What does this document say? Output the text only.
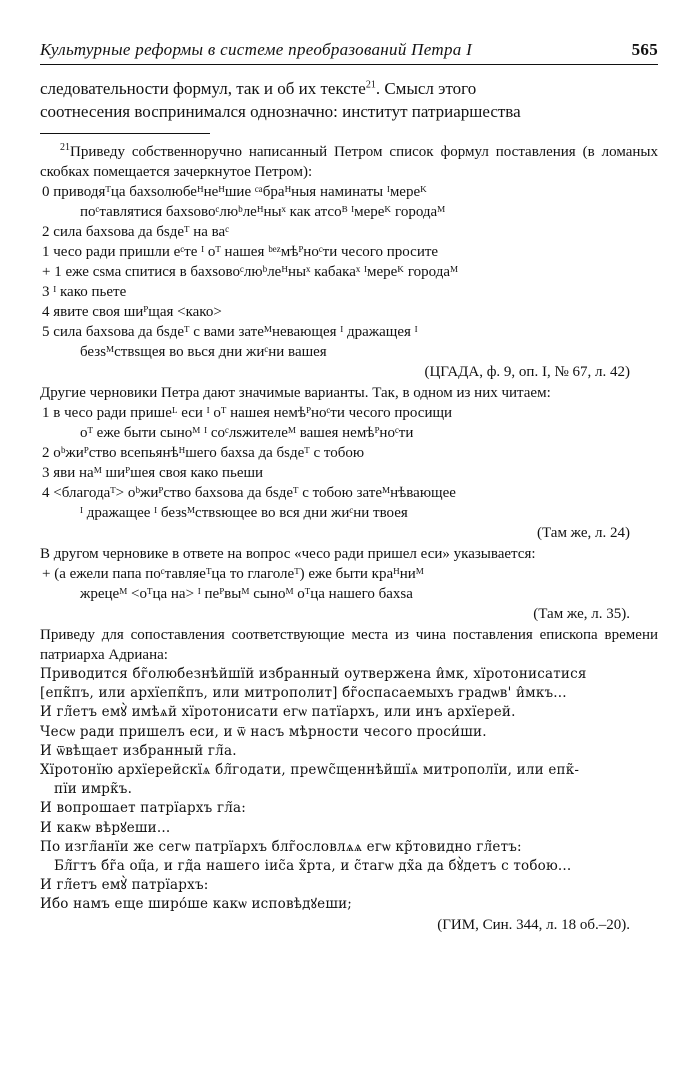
Культурные реформы в системе преобразований Петра I	565
следовательности формул, так и об их тексте$^{21}$. Смысл этого
соотнесения воспринимался однозначно: институт патриаршества

$^{21}$Приведу собственноручно написанный Петром список формул поставления (в ломаных скобках помещается зачеркнутое Петром):

0 приводяᵀца бахѕолюбеᴴнеᴴшие ᶜᵃбраᴴныя наминаты ᴵмереᴷ

поᶜтавлятися бахѕовоᶜлюᵇлеᴴныˣ как атсоᴮ ᴵмереᴷ городаᴹ

2 сила бахѕова да бѕдеᵀ на ваᶜ

1 чесо ради пришли еᶜте ᴵ оᵀ нашея ᵇᵉᶻмѣᴾноᶜти чесого просите

+ 1 еже сѕма спитися в бахѕовоᶜлюᵇлеᴴныˣ кабакаˣ ᴵмереᴷ городаᴹ

3 ᴵ како пьете

4 явите своя шиᴾщая <како>

5 сила бахѕова да бѕдеᵀ с вами затеᴹневающея ᴵ дражащея ᴵ

безѕᴹствѕщея во вься дни жиᶜни вашея

(ЦГАДА, ф. 9, оп. I, № 67, л. 42)

Другие черновики Петра дают значимые варианты. Так, в одном из них читаем:

1 в чесо ради пришеᴸ еси ᴵ оᵀ нашея немѣᴾноᶜти чесого просищи

оᵀ еже быти сыноᴹ ᴵ соᶜлѕжителеᴹ вашея немѣᴾноᶜти

2 оᵇжиᴾство всепьянѣᴴшего бахѕа да бѕдеᵀ с тобою

3 яви наᴹ шиᴾшея своя како пьеши

4 <благодаᵀ> оᵇжиᴾство бахѕова да бѕдеᵀ с тобою затеᴹнѣвающее

ᴵ дражащее ᴵ безѕᴹствѕющее во вся дни жиᶜни твоея

(Там же, л. 24)

В другом черновике в ответе на вопрос «чесо ради пришел еси» указывается:

+ (а ежели папа поᶜтавляеᵀца то глаголеᵀ) еже быти краᴴниᴹ

жрецеᴹ <оᵀца на> ᴵ пеᴾвыᴹ сыноᴹ оᵀца нашего бахѕа

(Там же, л. 35).

Приведу для сопоставления соответствующие места из чина поставления епископа времени патриарха Адриана:

Приводится бг̃олюбезнѣйшїй избранный оутвержена и̂мк, хїротонисатися

[епк̃пъ, или архїепк̃пъ, или митрополит] бг̃оспасаемыхъ градѡв' и̂мкъ...

И гл̃етъ емꙋ̀ имѣѧй хїротонисати егѡ патїархъ, или инъ архїерей.

Чесѡ ради пришелъ еси, и ѿ насъ мѣрности чесого проси́ши.

И ѿвѣщает избранный гл̃а.

Хїротонїю архїерейскїѧ бл̃годати, преwс̃щеннѣйшїѧ митрополїи, или епк̃-

пїи имрк̃ъ.

И вопрошает патрїархъ гл̃а:

И какѡ вѣрꙋеши...

По изгл̃анїи же сегѡ патрїархъ блг̃ословлѧѧ егѡ кр̃товидно гл̃етъ:

Бл̃гтъ бг̃а оц̃а, и гд̃а нашего іис̃а х̃рта, и с̃тагѡ дх̃а да бꙋ̀детъ с тобою...

И гл̃етъ емꙋ̀ патрїархъ:

Ибо намъ еще широ́ше какѡ исповѣдꙋеши;

(ГИМ, Син. 344, л. 18 об.–20).
